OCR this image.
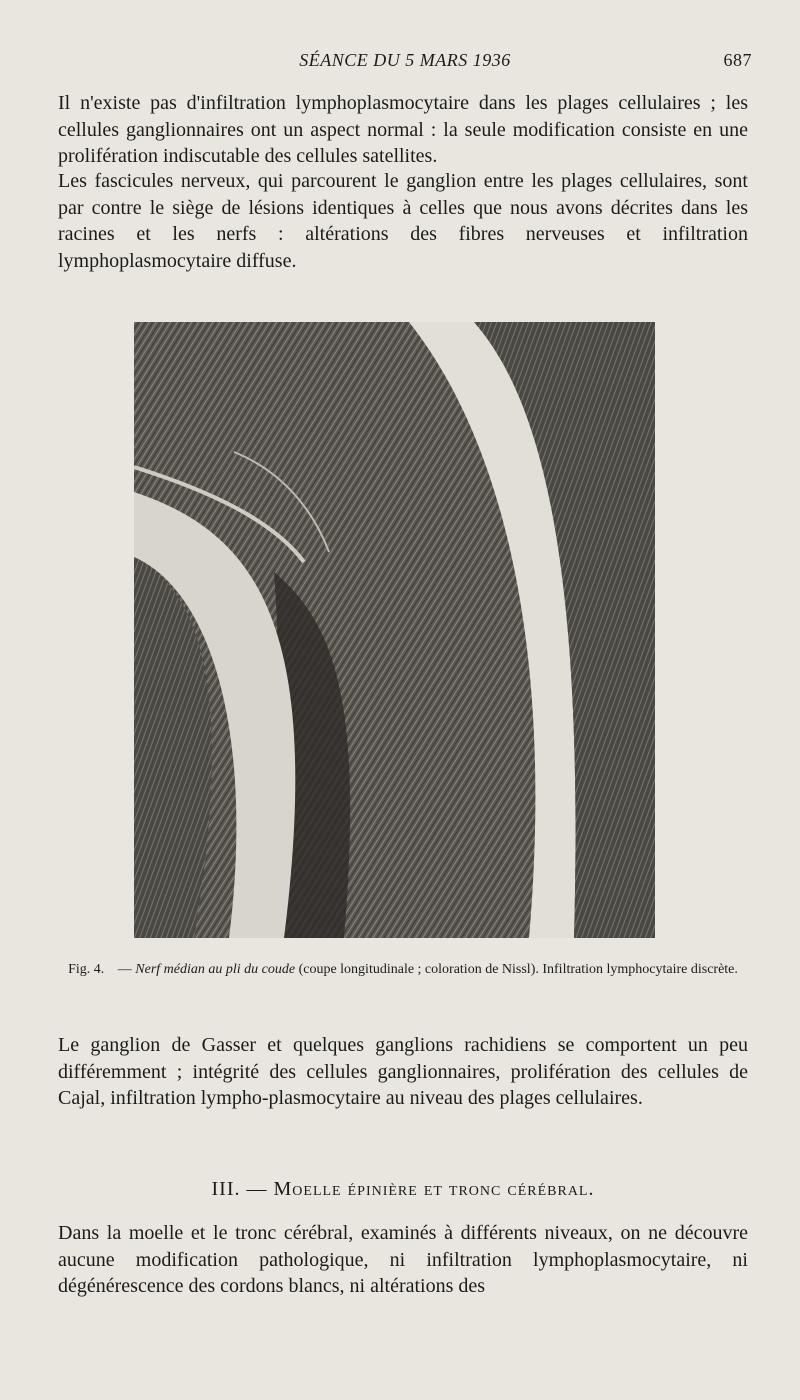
SÉANCE DU 5 MARS 1936	687

Il n'existe pas d'infiltration lymphoplasmocytaire dans les plages cellulaires ; les cellules ganglionnaires ont un aspect normal : la seule modification consiste en une prolifération indiscutable des cellules satellites.

Les fascicules nerveux, qui parcourent le ganglion entre les plages cellulaires, sont par contre le siège de lésions identiques à celles que nous avons décrites dans les racines et les nerfs : altérations des fibres nerveuses et infiltration lymphoplasmocytaire diffuse.

Fig. 4. — Nerf médian au pli du coude (coupe longitudinale ; coloration de Nissl). Infiltration lymphocytaire discrète.

Le ganglion de Gasser et quelques ganglions rachidiens se comportent un peu différemment ; intégrité des cellules ganglionnaires, prolifération des cellules de Cajal, infiltration lympho-plasmocytaire au niveau des plages cellulaires.

III. — Moelle épinière et tronc cérébral.

Dans la moelle et le tronc cérébral, examinés à différents niveaux, on ne découvre aucune modification pathologique, ni infiltration lymphoplasmocytaire, ni dégénérescence des cordons blancs, ni altérations des
